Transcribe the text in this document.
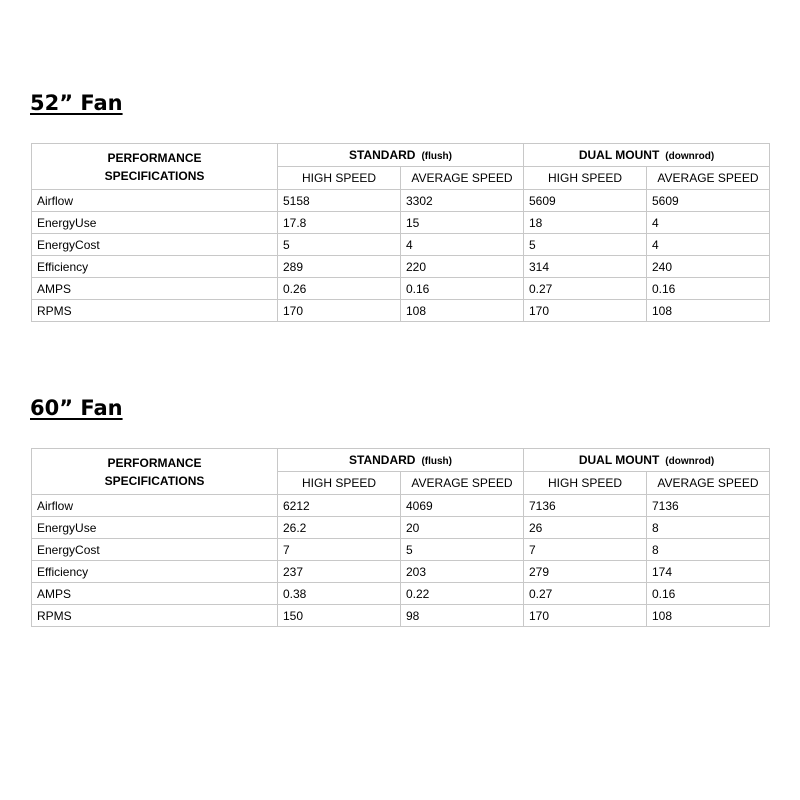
52” Fan
PERFORMANCE
SPECIFICATIONS	STANDARD (flush)		DUAL MOUNT (downrod)	
	HIGH SPEED	AVERAGE SPEED	HIGH SPEED	AVERAGE SPEED
Airflow	5158	3302	5609	5609
EnergyUse	17.8	15	18	4
EnergyCost	5	4	5	4
Efficiency	289	220	314	240
AMPS	0.26	0.16	0.27	0.16
RPMS	170	108	170	108
60” Fan
PERFORMANCE
SPECIFICATIONS	STANDARD (flush)		DUAL MOUNT (downrod)	
	HIGH SPEED	AVERAGE SPEED	HIGH SPEED	AVERAGE SPEED
Airflow	6212	4069	7136	7136
EnergyUse	26.2	20	26	8
EnergyCost	7	5	7	8
Efficiency	237	203	279	174
AMPS	0.38	0.22	0.27	0.16
RPMS	150	98	170	108
